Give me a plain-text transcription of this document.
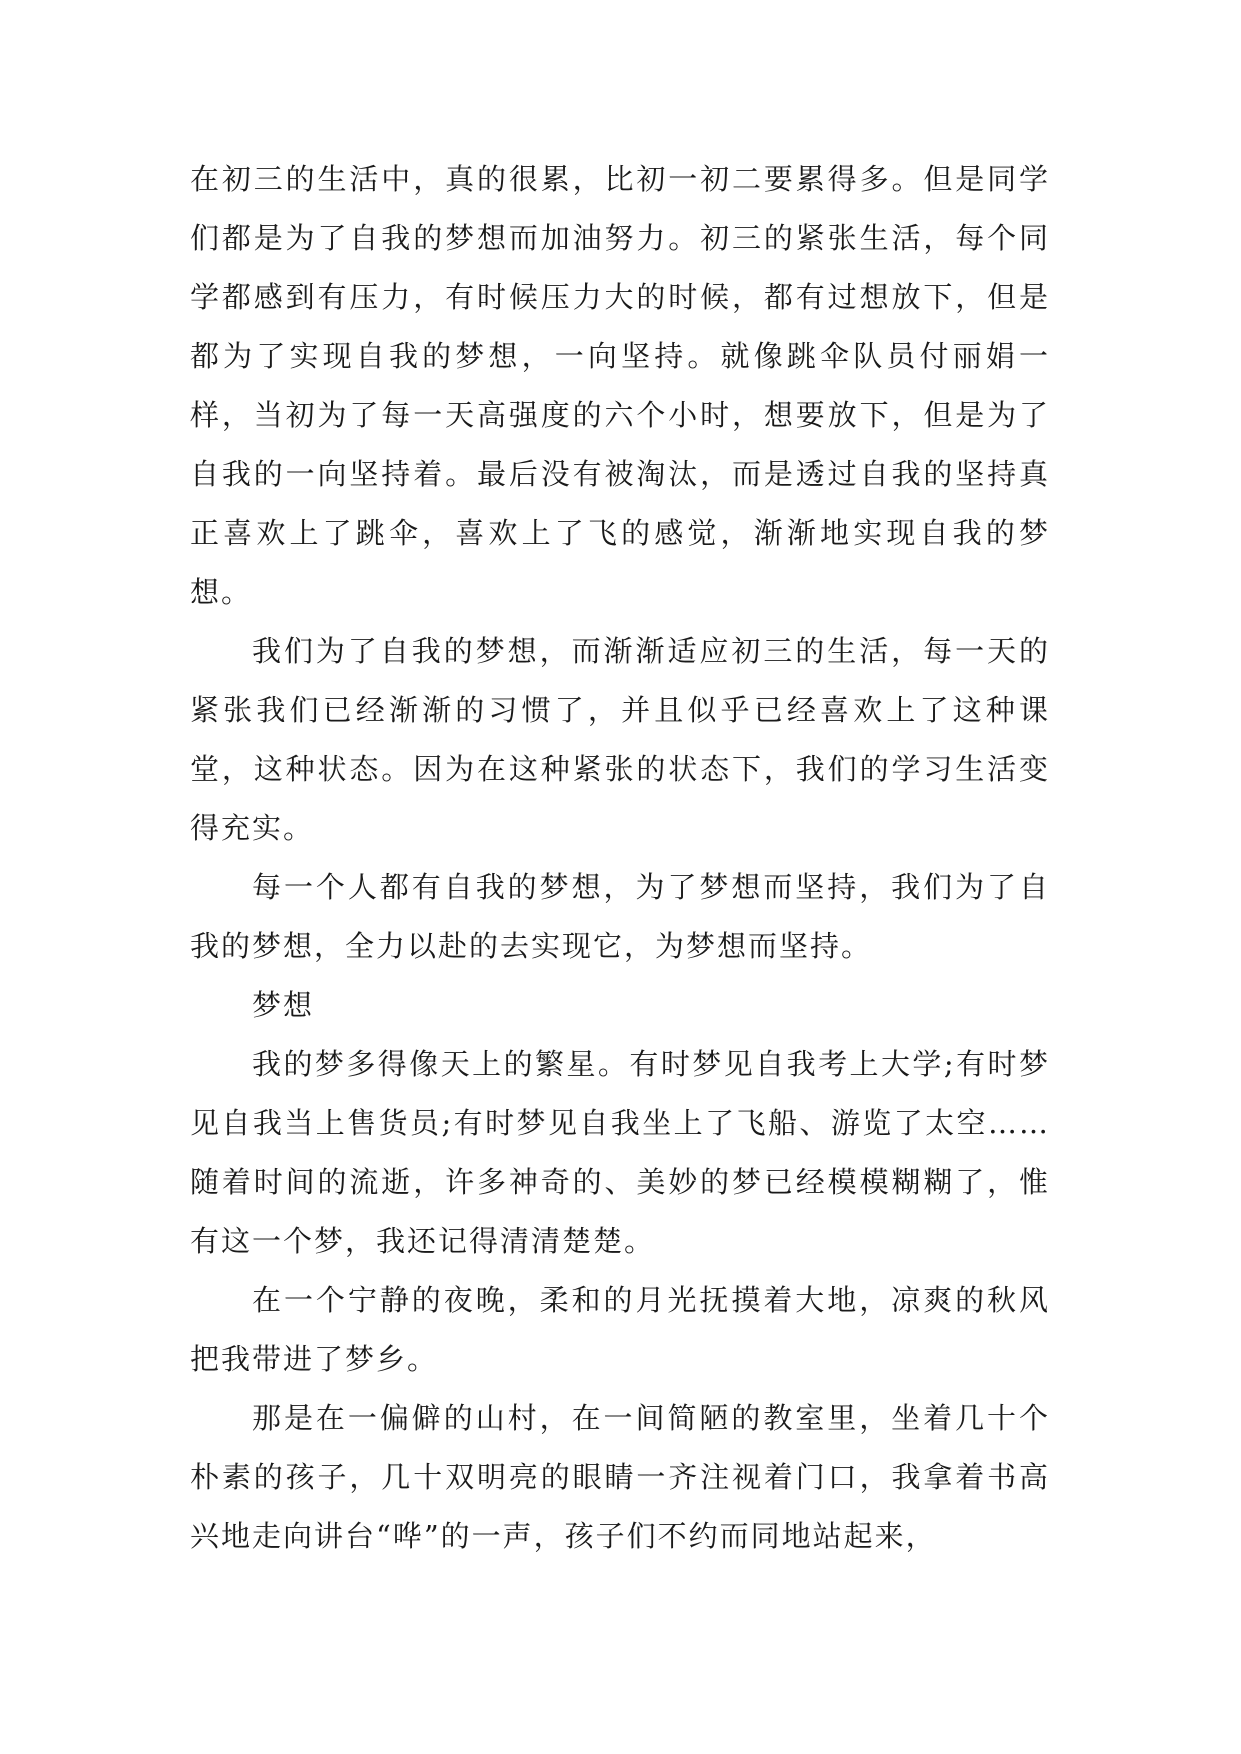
在初三的生活中，真的很累，比初一初二要累得多。但是同学们都是为了自我的梦想而加油努力。初三的紧张生活，每个同学都感到有压力，有时候压力大的时候，都有过想放下，但是都为了实现自我的梦想，一向坚持。就像跳伞队员付丽娟一样，当初为了每一天高强度的六个小时，想要放下，但是为了自我的一向坚持着。最后没有被淘汰，而是透过自我的坚持真正喜欢上了跳伞，喜欢上了飞的感觉，渐渐地实现自我的梦想。

我们为了自我的梦想，而渐渐适应初三的生活，每一天的紧张我们已经渐渐的习惯了，并且似乎已经喜欢上了这种课堂，这种状态。因为在这种紧张的状态下，我们的学习生活变得充实。

每一个人都有自我的梦想，为了梦想而坚持，我们为了自我的梦想，全力以赴的去实现它，为梦想而坚持。

梦想

我的梦多得像天上的繁星。有时梦见自我考上大学;有时梦见自我当上售货员;有时梦见自我坐上了飞船、游览了太空……随着时间的流逝，许多神奇的、美妙的梦已经模模糊糊了，惟有这一个梦，我还记得清清楚楚。

在一个宁静的夜晚，柔和的月光抚摸着大地，凉爽的秋风把我带进了梦乡。

那是在一偏僻的山村，在一间简陋的教室里，坐着几十个朴素的孩子，几十双明亮的眼睛一齐注视着门口，我拿着书高兴地走向讲台“哗”的一声，孩子们不约而同地站起来，
